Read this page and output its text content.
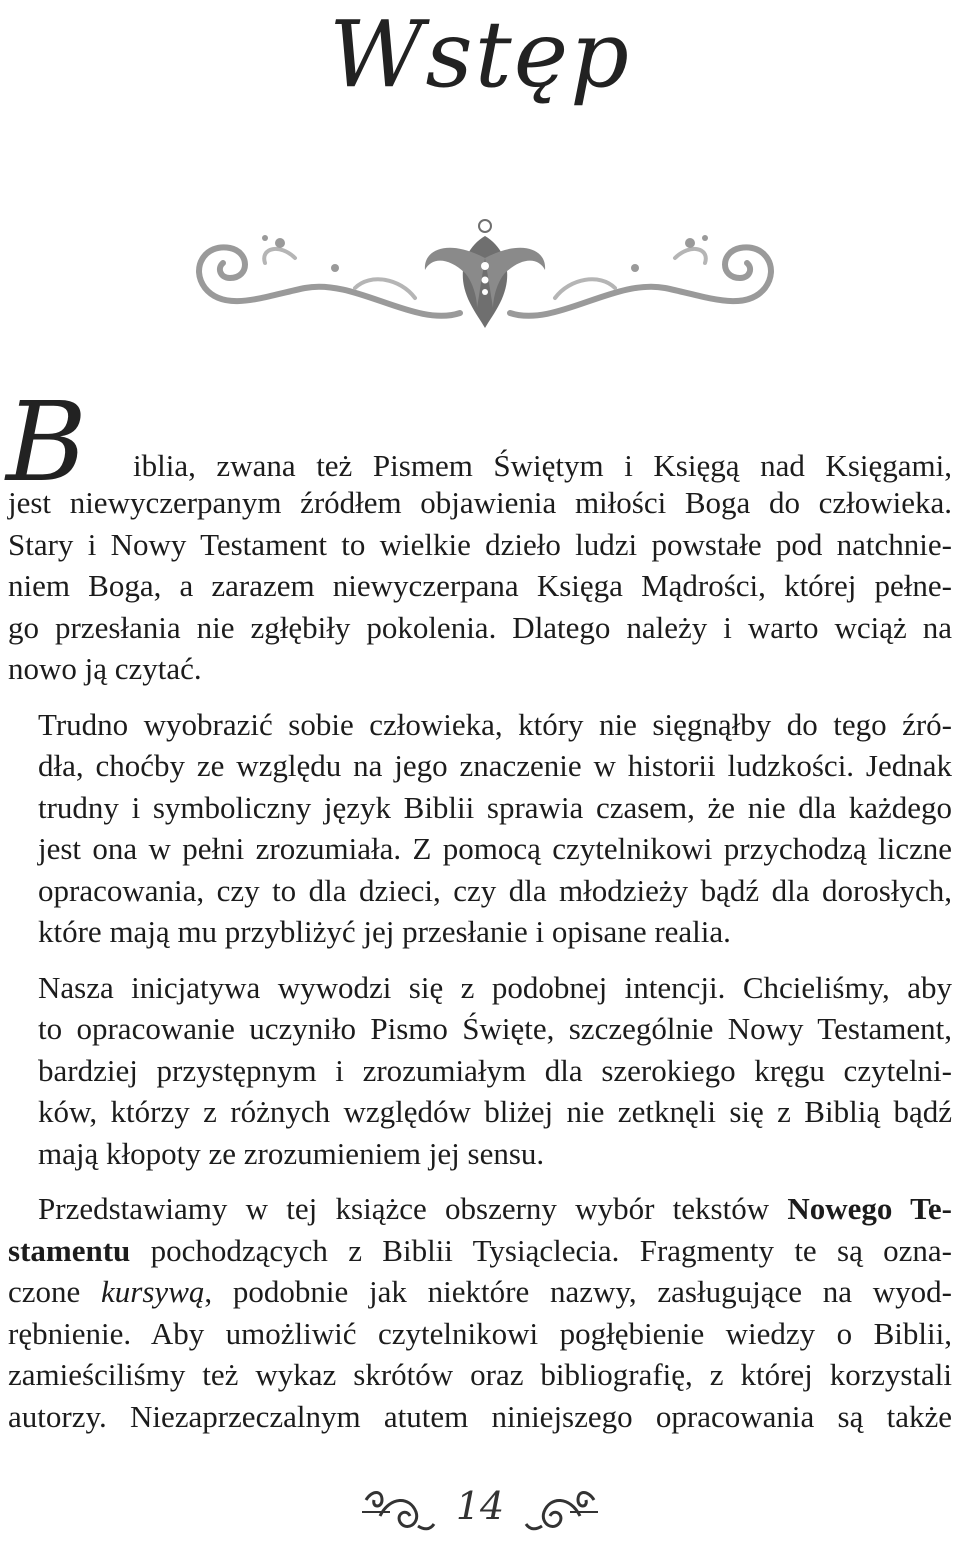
Wstęp

B iblia, zwana też Pismem Świętym i Księgą nad Księgami,
jest niewyczerpanym źródłem objawienia miłości Boga do człowieka.
Stary i Nowy Testament to wielkie dzieło ludzi powstałe pod natchnie-
niem Boga, a zarazem niewyczerpana Księga Mądrości, której pełne-
go przesłania nie zgłębiły pokolenia. Dlatego należy i warto wciąż na
nowo ją czytać.

Trudno wyobrazić sobie człowieka, który nie sięgnąłby do tego źró-
dła, choćby ze względu na jego znaczenie w historii ludzkości. Jednak
trudny i symboliczny język Biblii sprawia czasem, że nie dla każdego
jest ona w pełni zrozumiała. Z pomocą czytelnikowi przychodzą liczne
opracowania, czy to dla dzieci, czy dla młodzieży bądź dla dorosłych,
które mają mu przybliżyć jej przesłanie i opisane realia.

Nasza inicjatywa wywodzi się z podobnej intencji. Chcieliśmy, aby
to opracowanie uczyniło Pismo Święte, szczególnie Nowy Testament,
bardziej przystępnym i zrozumiałym dla szerokiego kręgu czytelni-
ków, którzy z różnych względów bliżej nie zetknęli się z Biblią bądź
mają kłopoty ze zrozumieniem jej sensu.

Przedstawiamy w tej książce obszerny wybór tekstów Nowego Te-
stamentu pochodzących z Biblii Tysiąclecia. Fragmenty te są ozna-
czone kursywą, podobnie jak niektóre nazwy, zasługujące na wyod-
rębnienie. Aby umożliwić czytelnikowi pogłębienie wiedzy o Biblii,
zamieściliśmy też wykaz skrótów oraz bibliografię, z której korzystali
autorzy. Niezaprzeczalnym atutem niniejszego opracowania są także

14
